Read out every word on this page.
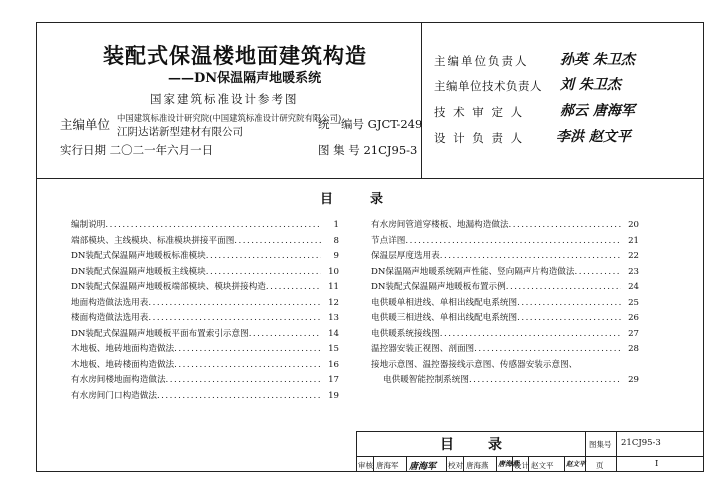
装配式保温楼地面建筑构造
——DN保温隔声地暖系统
国家建筑标准设计参考图
主编单位 中国建筑标准设计研究院(中国建筑标准设计研究院有限公司)
江阴达诺新型建材有限公司
统一编号 GJCT-249
实行日期 二〇二一年六月一日	图 集 号 21CJ95-3
主编单位负责人 孙英 朱卫杰
主编单位技术负责人 刘 朱卫杰
技 术 审 定 人	郝云 唐海军
设 计 负 责 人 李洪 赵文平
目　录
编制说明 .....	1
端部模块、主线模块、标准模块拼接平面图 .....	8
DN装配式保温隔声地暖板标准模块 .....	9
DN装配式保温隔声地暖板主线模块 .....	10
DN装配式保温隔声地暖板端部模块、模块拼接构造 .....	11
地面构造做法选用表 .....	12
楼面构造做法选用表 .....	13
DN装配式保温隔声地暖板平面布置索引示意图 .....	14
木地板、地砖地面构造做法 .....	15
木地板、地砖楼面构造做法 .....	16
有水房间楼地面构造做法 .....	17
有水房间门口构造做法 .....	19
有水房间管道穿楼板、地漏构造做法 .....	20
节点详图 .....	21
保温层厚度选用表 .....	22
DN保温隔声地暖系统隔声性能、竖向隔声片构造做法 .....	23
DN装配式保温隔声地暖板布置示例 .....	24
电供暖单相进线、单相出线配电系统图 .....	25
电供暖三相进线、单相出线配电系统图 .....	26
电供暖系统接线图 .....	27
温控器安装正视图、剖面图 .....	28
接地示意图、温控器接线示意图、传感器安装示意图、
电供暖智能控制系统图 .....	29
目　录	图集号 21CJ95-3
审核 唐海军 唐海军 校对 唐海燕 唐海燕
设计 赵文平 赵文平 页	I
